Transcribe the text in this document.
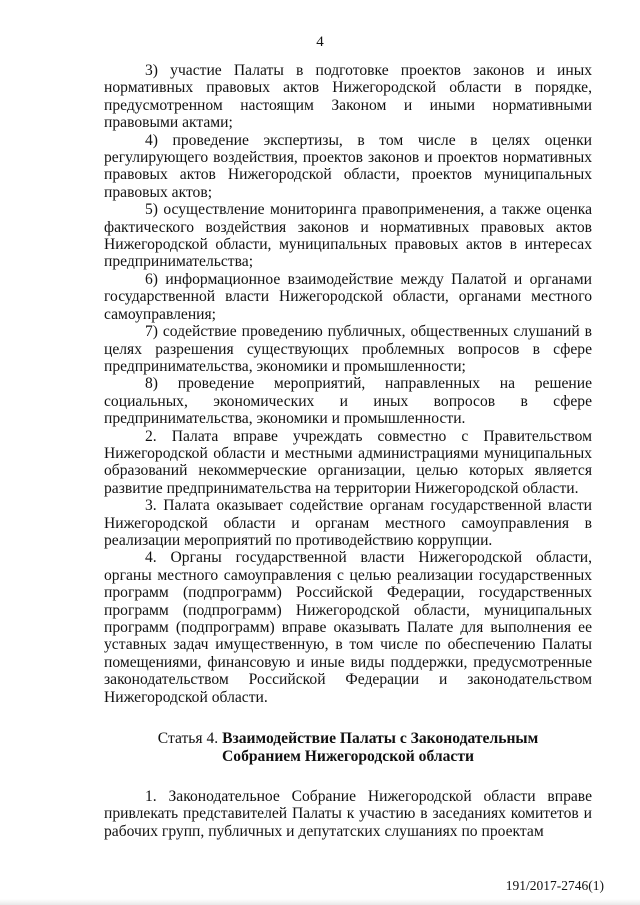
4

3) участие Палаты в подготовке проектов законов и иных нормативных правовых актов Нижегородской области в порядке, предусмотренном настоящим Законом и иными нормативными правовыми актами;

4) проведение экспертизы, в том числе в целях оценки регулирующего воздействия, проектов законов и проектов нормативных правовых актов Нижегородской области, проектов муниципальных правовых актов;

5) осуществление мониторинга правоприменения, а также оценка фактического воздействия законов и нормативных правовых актов Нижегородской области, муниципальных правовых актов в интересах предпринимательства;

6) информационное взаимодействие между Палатой и органами государственной власти Нижегородской области, органами местного самоуправления;

7) содействие проведению публичных, общественных слушаний в целях разрешения существующих проблемных вопросов в сфере предпринимательства, экономики и промышленности;

8) проведение мероприятий, направленных на решение социальных, экономических и иных вопросов в сфере предпринимательства, экономики и промышленности.

2. Палата вправе учреждать совместно с Правительством Нижегородской области и местными администрациями муниципальных образований некоммерческие организации, целью которых является развитие предпринимательства на территории Нижегородской области.

3. Палата оказывает содействие органам государственной власти Нижегородской области и органам местного самоуправления в реализации мероприятий по противодействию коррупции.

4. Органы государственной власти Нижегородской области, органы местного самоуправления с целью реализации государственных программ (подпрограмм) Российской Федерации, государственных программ (подпрограмм) Нижегородской области, муниципальных программ (подпрограмм) вправе оказывать Палате для выполнения ее уставных задач имущественную, в том числе по обеспечению Палаты помещениями, финансовую и иные виды поддержки, предусмотренные законодательством Российской Федерации и законодательством Нижегородской области.

Статья 4. Взаимодействие Палаты с Законодательным
Собранием Нижегородской области

1. Законодательное Собрание Нижегородской области вправе привлекать представителей Палаты к участию в заседаниях комитетов и рабочих групп, публичных и депутатских слушаниях по проектам

191/2017-2746(1)
